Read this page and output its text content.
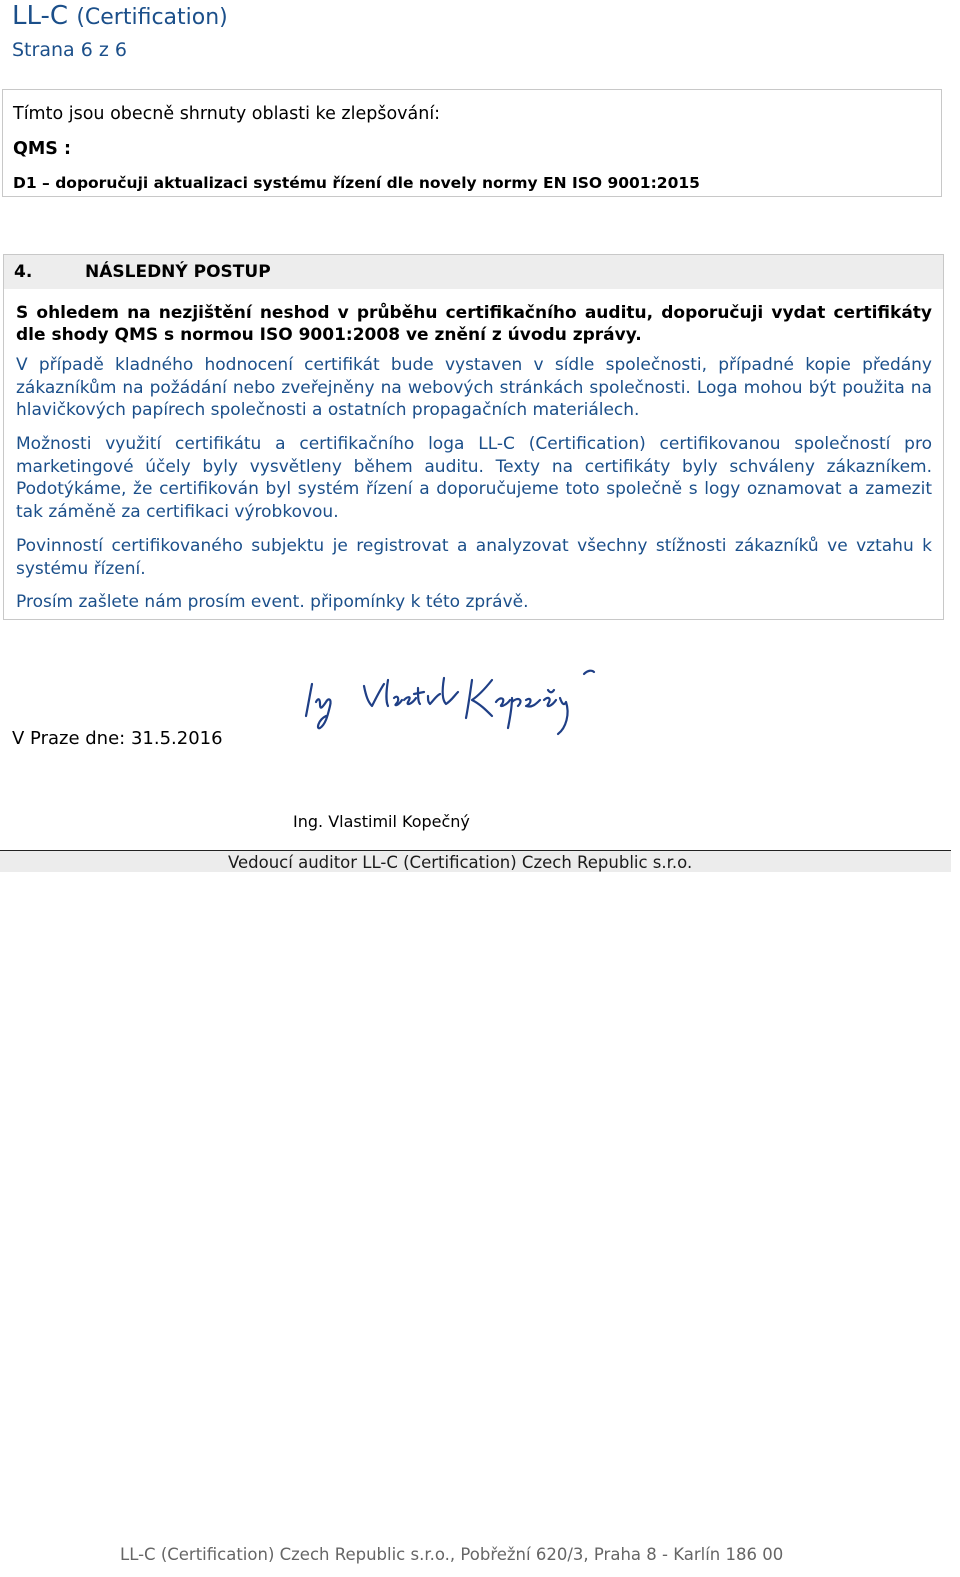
LL-C (Certification)
Strana 6 z 6
Tímto jsou obecně shrnuty oblasti ke zlepšování:
QMS :
D1 – doporučuji aktualizaci systému řízení dle novely normy EN ISO 9001:2015
4.	NÁSLEDNÝ POSTUP
S ohledem na nezjištění neshod v průběhu certifikačního auditu, doporučuji vydat certifikáty dle shody QMS s normou ISO 9001:2008 ve znění z úvodu zprávy.
V případě kladného hodnocení certifikát bude vystaven v sídle společnosti, případné kopie předány zákazníkům na požádání nebo zveřejněny na webových stránkách společnosti. Loga mohou být použita na hlavičkových papírech společnosti a ostatních propagačních materiálech.
Možnosti využití certifikátu a certifikačního loga LL-C (Certification) certifikovanou společností pro marketingové účely byly vysvětleny během auditu. Texty na certifikáty byly schváleny zákazníkem. Podotýkáme, že certifikován byl systém řízení a doporučujeme toto společně s logy oznamovat a zamezit tak záměně za certifikaci výrobkovou.
Povinností certifikovaného subjektu je registrovat a analyzovat všechny stížnosti zákazníků ve vztahu k systému řízení.
Prosím zašlete nám prosím event. připomínky k této zprávě.
V Praze dne: 31.5.2016
Ing. Vlastimil Kopečný
Vedoucí auditor LL-C (Certification) Czech Republic s.r.o.
LL-C (Certification) Czech Republic s.r.o., Pobřežní 620/3, Praha 8 - Karlín 186 00
